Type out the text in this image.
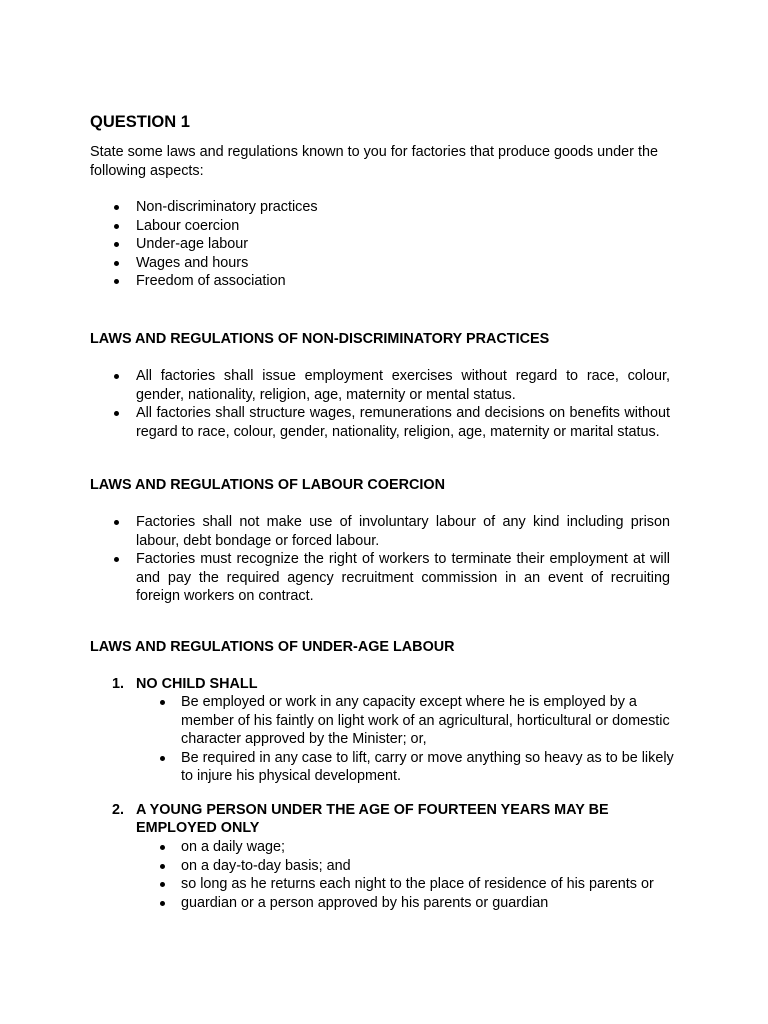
QUESTION 1
State some laws and regulations known to you for factories that produce goods under the following aspects:
Non-discriminatory practices
Labour coercion
Under-age labour
Wages and hours
Freedom of association
LAWS AND REGULATIONS OF NON-DISCRIMINATORY PRACTICES
All factories shall issue employment exercises without regard to race, colour, gender, nationality, religion, age, maternity or mental status.
All factories shall structure wages, remunerations and decisions on benefits without regard to race, colour, gender, nationality, religion, age, maternity or marital status.
LAWS AND REGULATIONS OF LABOUR COERCION
Factories shall not make use of involuntary labour of any kind including prison labour, debt bondage or forced labour.
Factories must recognize the right of workers to terminate their employment at will and pay the required agency recruitment commission in an event of recruiting foreign workers on contract.
LAWS AND REGULATIONS OF UNDER-AGE LABOUR
1. NO CHILD SHALL
Be employed or work in any capacity except where he is employed by a member of his faintly on light work of an agricultural, horticultural or domestic character approved by the Minister; or,
Be required in any case to lift, carry or move anything so heavy as to be likely to injure his physical development.
2. A YOUNG PERSON UNDER THE AGE OF FOURTEEN YEARS MAY BE EMPLOYED ONLY
on a daily wage;
on a day-to-day basis; and
so long as he returns each night to the place of residence of his parents or
guardian or a person approved by his parents or guardian
